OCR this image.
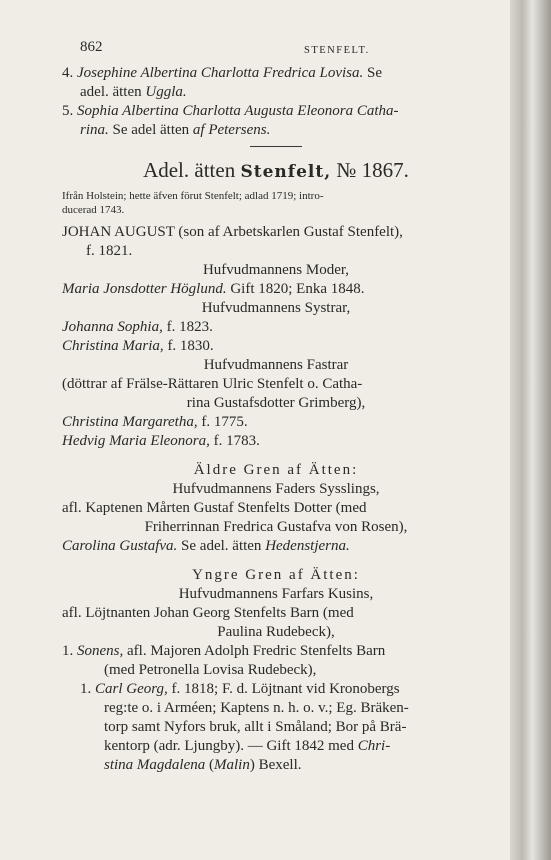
862	STENFELT.
4. Josephine Albertina Charlotta Fredrica Lovisa. Se
adel. ätten Uggla.
5. Sophia Albertina Charlotta Augusta Eleonora Catha-
rina. Se adel ätten af Petersens.
Adel. ätten Stenfelt, № 1867.
Ifrån Holstein; hette äfven förut Stenfelt; adlad 1719; intro-
ducerad 1743.
JOHAN AUGUST (son af Arbetskarlen Gustaf Stenfelt),
f. 1821.
Hufvudmannens Moder,
Maria Jonsdotter Höglund. Gift 1820; Enka 1848.
Hufvudmannens Systrar,
Johanna Sophia, f. 1823.
Christina Maria, f. 1830.
Hufvudmannens Fastrar
(döttrar af Frälse-Rättaren Ulric Stenfelt o. Catha-
rina Gustafsdotter Grimberg),
Christina Margaretha, f. 1775.
Hedvig Maria Eleonora, f. 1783.
Äldre Gren af Ätten:
Hufvudmannens Faders Sysslings,
afl. Kaptenen Mårten Gustaf Stenfelts Dotter (med
Friherrinnan Fredrica Gustafva von Rosen),
Carolina Gustafva. Se adel. ätten Hedenstjerna.
Yngre Gren af Ätten:
Hufvudmannens Farfars Kusins,
afl. Löjtnanten Johan Georg Stenfelts Barn (med
Paulina Rudebeck),
1. Sonens, afl. Majoren Adolph Fredric Stenfelts Barn
(med Petronella Lovisa Rudebeck),
1. Carl Georg, f. 1818; F. d. Löjtnant vid Kronobergs
reg:te o. i Arméen; Kaptens n. h. o. v.; Eg. Bräken-
torp samt Nyfors bruk, allt i Småland; Bor på Brä-
kentorp (adr. Ljungby). — Gift 1842 med Chri-
stina Magdalena (Malin) Bexell.
